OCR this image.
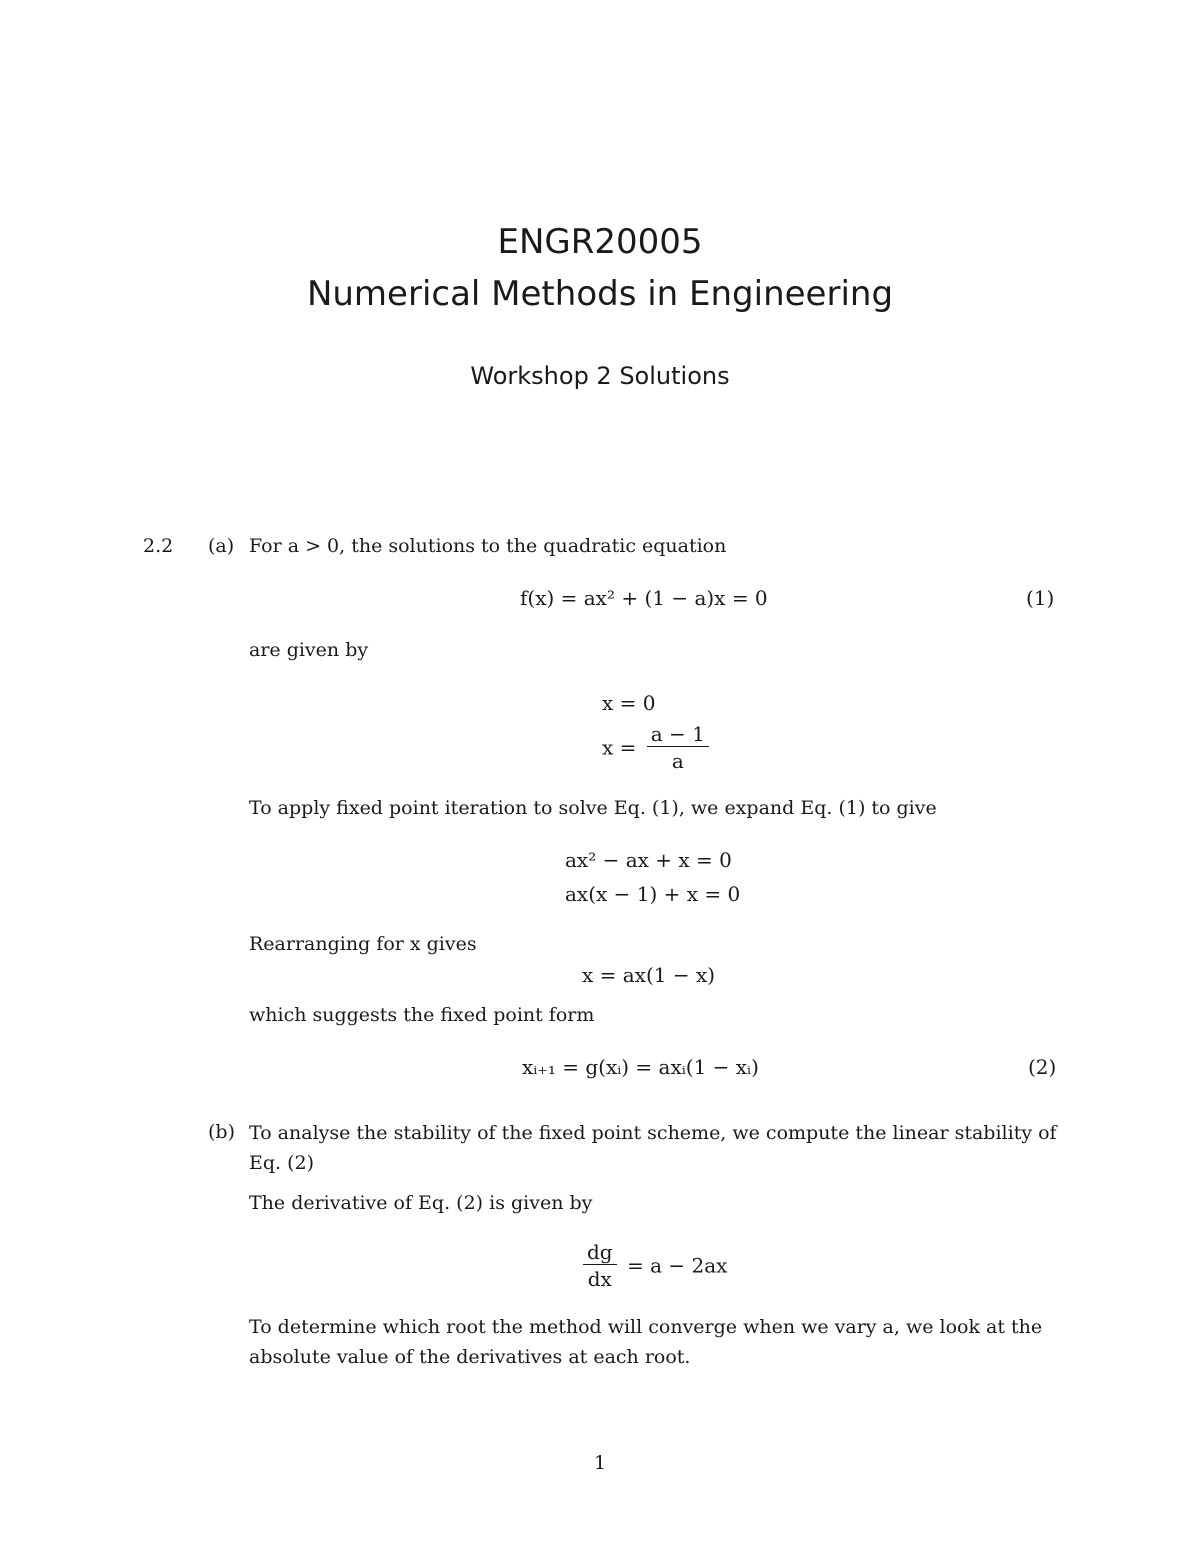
ENGR20005
Numerical Methods in Engineering
Workshop 2 Solutions
2.2 (a) For a > 0, the solutions to the quadratic equation
f(x) = ax² + (1 − a)x = 0	(1)
are given by
x = 0
$x = \frac{a - 1}{a}$
To apply fixed point iteration to solve Eq. (1), we expand Eq. (1) to give
ax² − ax + x = 0
ax(x − 1) + x = 0
Rearranging for x gives
x = ax(1 − x)
which suggests the fixed point form
xᵢ₊₁ = g(xᵢ) = axᵢ(1 − xᵢ)	(2)
(b) To analyse the stability of the fixed point scheme, we compute the linear stability of Eq. (2)
The derivative of Eq. (2) is given by
$\frac{dg}{dx} = a - 2ax$
To determine which root the method will converge when we vary a, we look at the absolute value of the derivatives at each root.
1
